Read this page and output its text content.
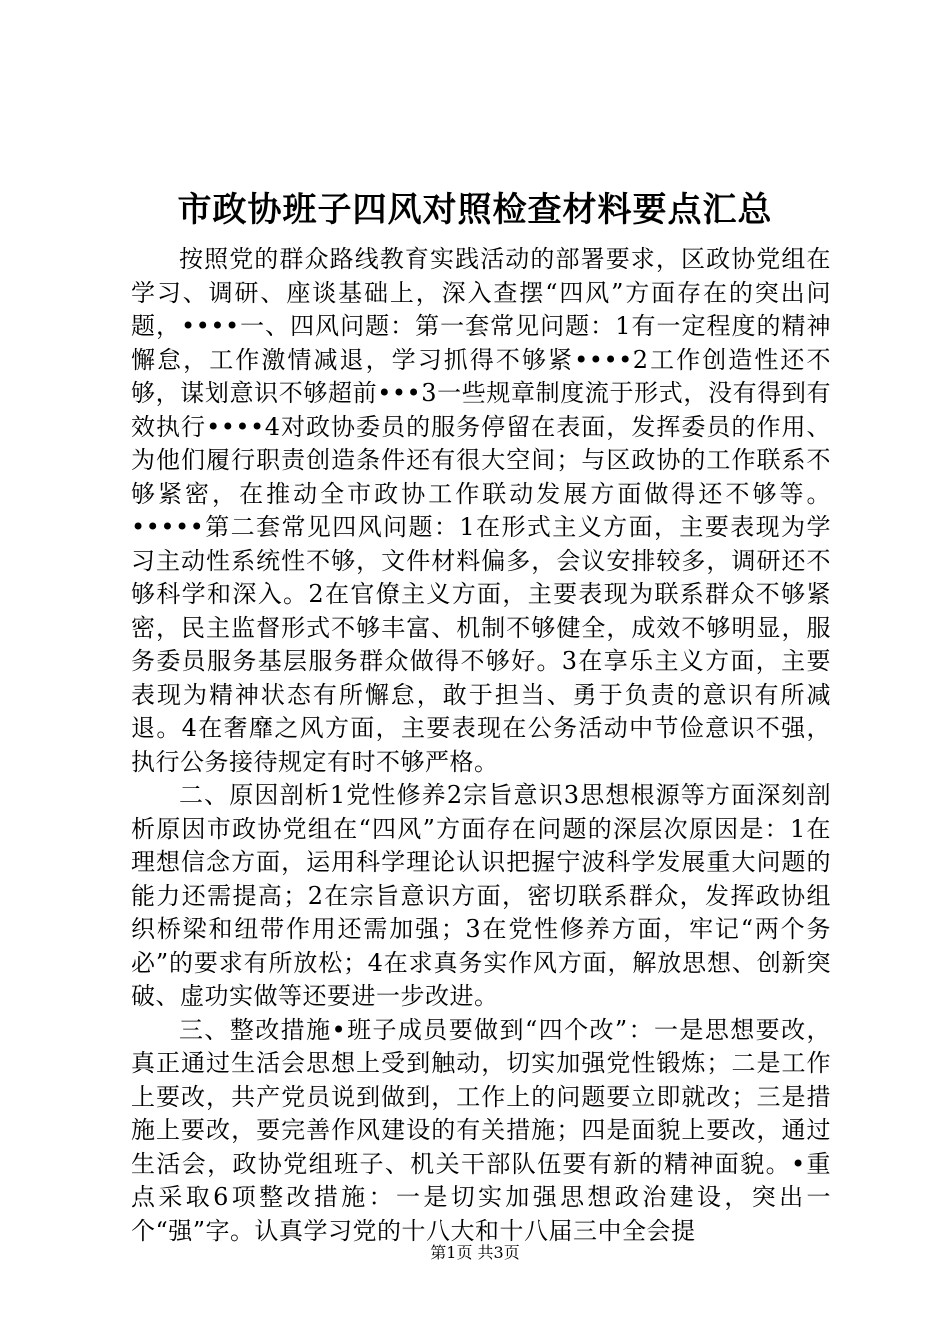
市政协班子四风对照检查材料要点汇总

按照党的群众路线教育实践活动的部署要求，区政协党组在学习、调研、座谈基础上，深入查摆“四风”方面存在的突出问题，••••一、四风问题：第一套常见问题：1有一定程度的精神懈怠，工作激情减退，学习抓得不够紧••••2工作创造性还不够，谋划意识不够超前•••3一些规章制度流于形式，没有得到有效执行••••4对政协委员的服务停留在表面，发挥委员的作用、为他们履行职责创造条件还有很大空间；与区政协的工作联系不够紧密，在推动全市政协工作联动发展方面做得还不够等。•••••第二套常见四风问题：1在形式主义方面，主要表现为学习主动性系统性不够，文件材料偏多，会议安排较多，调研还不够科学和深入。2在官僚主义方面，主要表现为联系群众不够紧密，民主监督形式不够丰富、机制不够健全，成效不够明显，服务委员服务基层服务群众做得不够好。3在享乐主义方面，主要表现为精神状态有所懈怠，敢于担当、勇于负责的意识有所减退。4在奢靡之风方面，主要表现在公务活动中节俭意识不强，执行公务接待规定有时不够严格。

二、原因剖析1党性修养2宗旨意识3思想根源等方面深刻剖析原因市政协党组在“四风”方面存在问题的深层次原因是：1在理想信念方面，运用科学理论认识把握宁波科学发展重大问题的能力还需提高；2在宗旨意识方面，密切联系群众，发挥政协组织桥梁和纽带作用还需加强；3在党性修养方面，牢记“两个务必”的要求有所放松；4在求真务实作风方面，解放思想、创新突破、虚功实做等还要进一步改进。

三、整改措施•班子成员要做到“四个改”：一是思想要改，真正通过生活会思想上受到触动，切实加强党性锻炼；二是工作上要改，共产党员说到做到，工作上的问题要立即就改；三是措施上要改，要完善作风建设的有关措施；四是面貌上要改，通过生活会，政协党组班子、机关干部队伍要有新的精神面貌。•重点采取6项整改措施：一是切实加强思想政治建设，突出一个“强”字。认真学习党的十八大和十八届三中全会提

第1页 共3页
